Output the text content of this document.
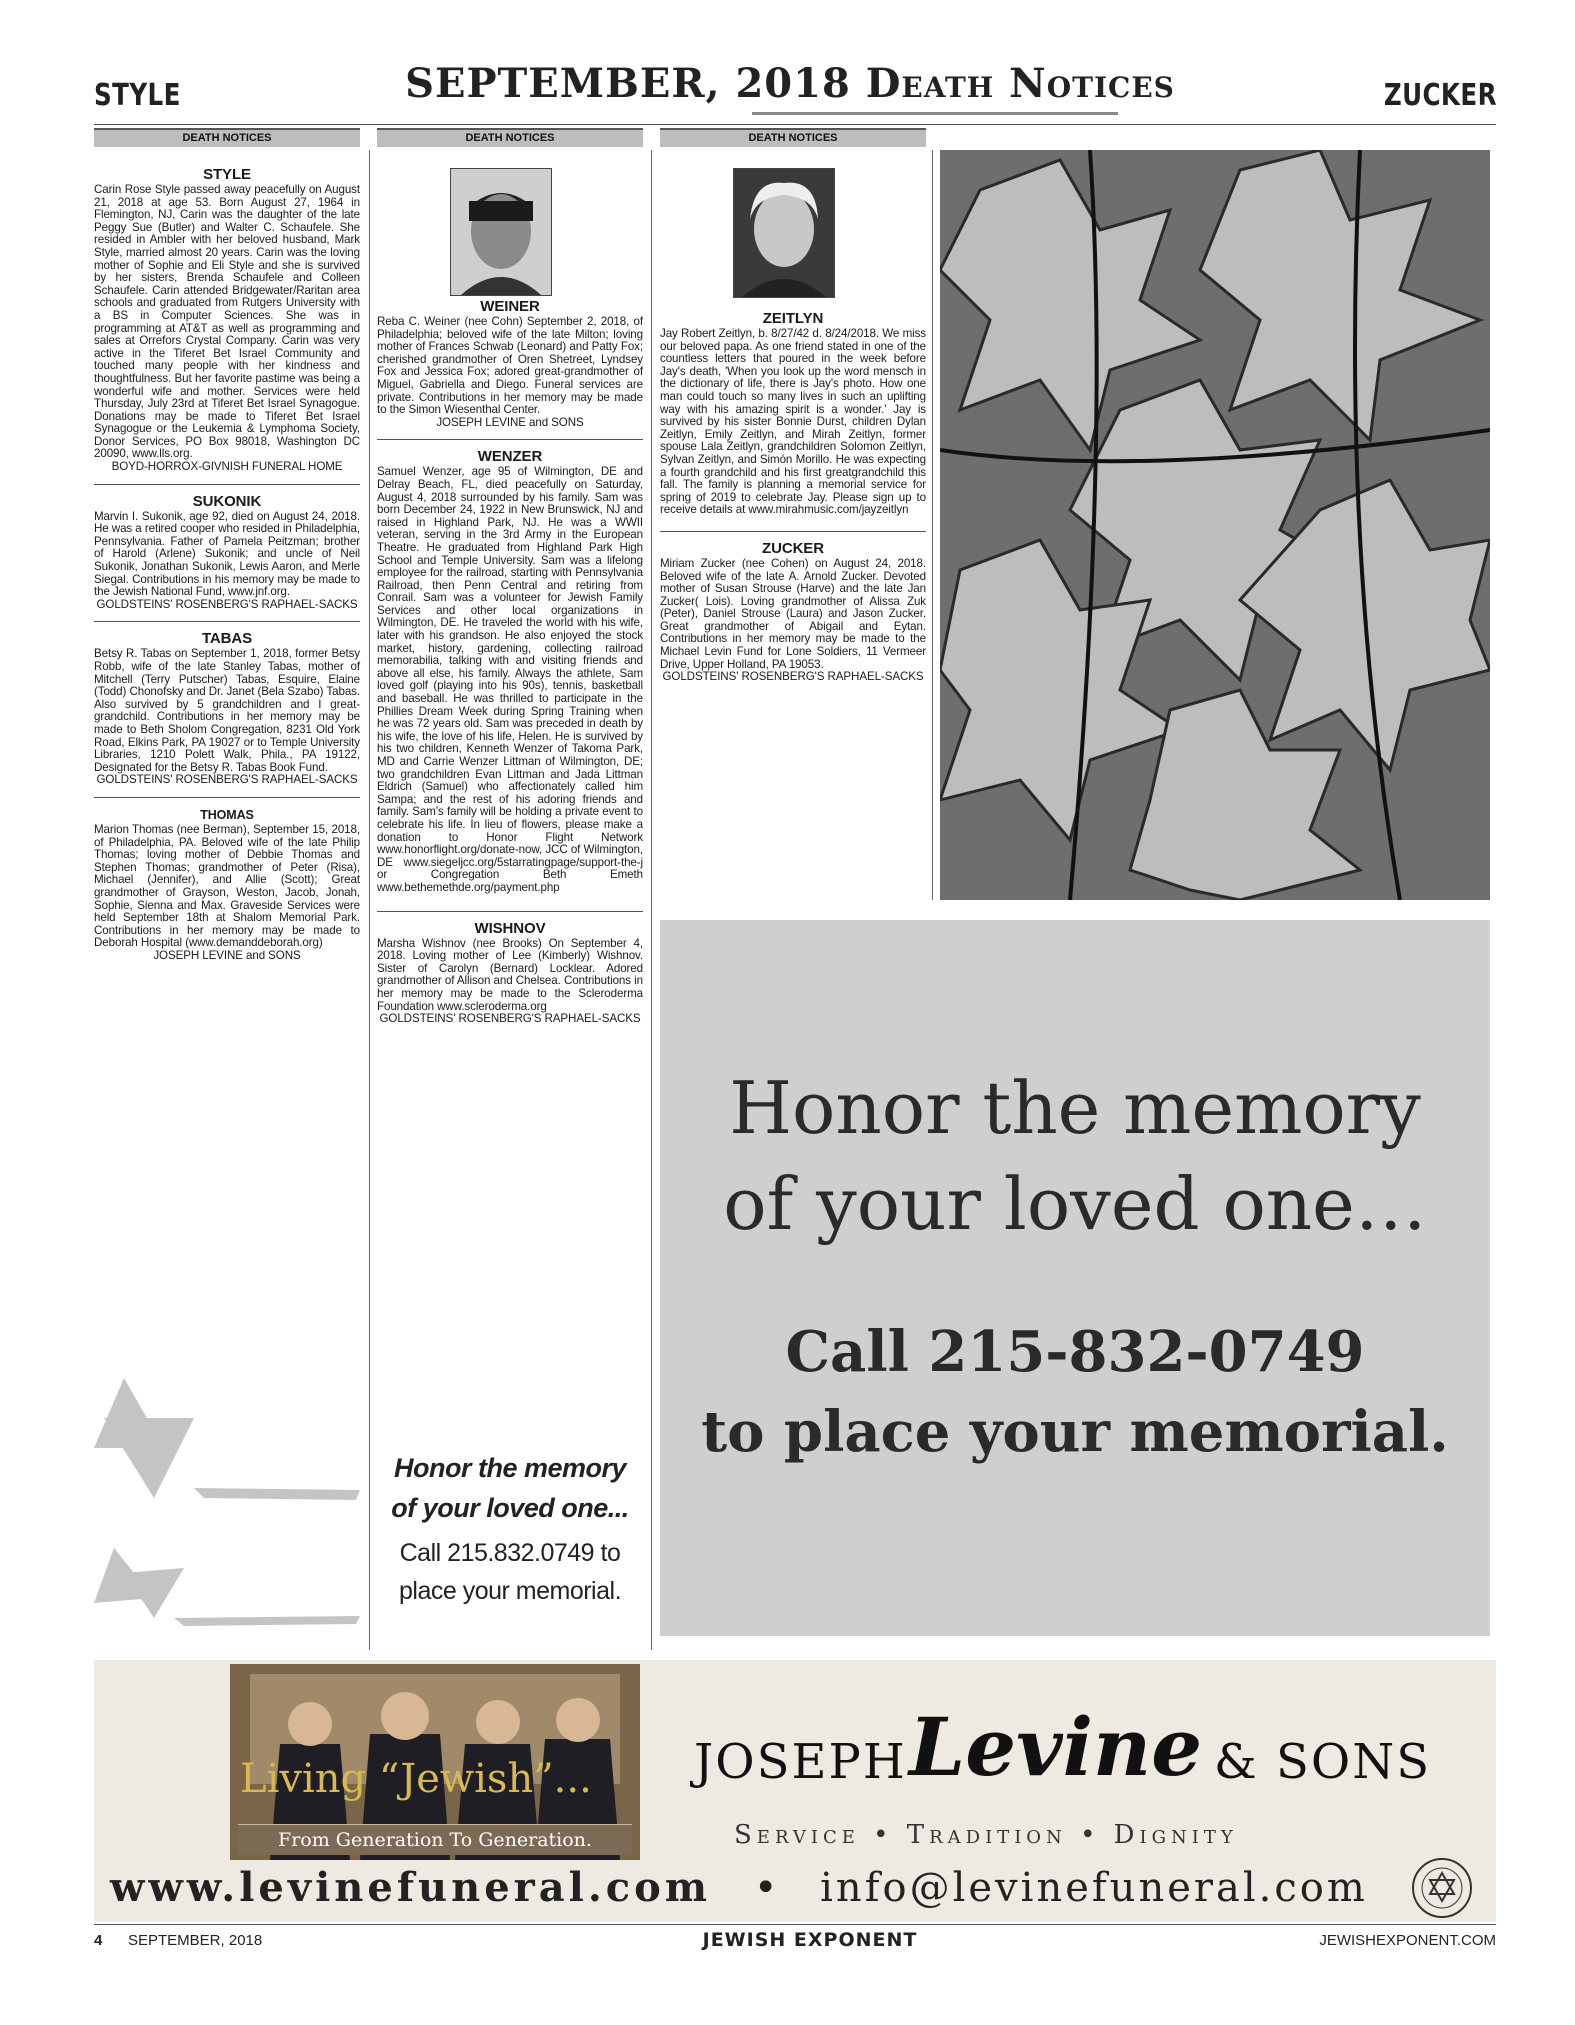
STYLE	SEPTEMBER, 2018 Death Notices	ZUCKER
DEATH NOTICES	DEATH NOTICES	DEATH NOTICES
STYLE
Carin Rose Style passed away peacefully on August 21, 2018 at age 53. Born August 27, 1964 in Flemington, NJ, Carin was the daughter of the late Peggy Sue (Butler) and Walter C. Schaufele. She resided in Ambler with her beloved husband, Mark Style, married almost 20 years. Carin was the loving mother of Sophie and Eli Style and she is survived by her sisters, Brenda Schaufele and Colleen Schaufele. Carin attended Bridgewater/Raritan area schools and graduated from Rutgers University with a BS in Computer Sciences. She was in programming at AT&T as well as programming and sales at Orrefors Crystal Company. Carin was very active in the Tiferet Bet Israel Community and touched many people with her kindness and thoughtfulness. But her favorite pastime was being a wonderful wife and mother. Services were held Thursday, July 23rd at Tiferet Bet Israel Synagogue. Donations may be made to Tiferet Bet Israel Synagogue or the Leukemia & Lymphoma Society, Donor Services, PO Box 98018, Washington DC 20090, www.lls.org.
BOYD-HORROX-GIVNISH FUNERAL HOME
SUKONIK
Marvin I. Sukonik, age 92, died on August 24, 2018. He was a retired cooper who resided in Philadelphia, Pennsylvania. Father of Pamela Peitzman; brother of Harold (Arlene) Sukonik; and uncle of Neil Sukonik, Jonathan Sukonik, Lewis Aaron, and Merle Siegal. Contributions in his memory may be made to the Jewish National Fund, www.jnf.org.
GOLDSTEINS' ROSENBERG'S RAPHAEL-SACKS
TABAS
Betsy R. Tabas on September 1, 2018, former Betsy Robb, wife of the late Stanley Tabas, mother of Mitchell (Terry Putscher) Tabas, Esquire, Elaine (Todd) Chonofsky and Dr. Janet (Bela Szabo) Tabas. Also survived by 5 grandchildren and I great-grandchild. Contributions in her memory may be made to Beth Sholom Congregation, 8231 Old York Road, Elkins Park, PA 19027 or to Temple University Libraries, 1210 Polett Walk, Phila., PA 19122, Designated for the Betsy R. Tabas Book Fund.
GOLDSTEINS' ROSENBERG'S RAPHAEL-SACKS
THOMAS
Marion Thomas (nee Berman), September 15, 2018, of Philadelphia, PA. Beloved wife of the late Philip Thomas; loving mother of Debbie Thomas and Stephen Thomas; grandmother of Peter (Risa), Michael (Jennifer), and Allie (Scott); Great grandmother of Grayson, Weston, Jacob, Jonah, Sophie, Sienna and Max. Graveside Services were held September 18th at Shalom Memorial Park. Contributions in her memory may be made to Deborah Hospital (www.demanddeborah.org)
JOSEPH LEVINE and SONS
WEINER
Reba C. Weiner (nee Cohn) September 2, 2018, of Philadelphia; beloved wife of the late Milton; loving mother of Frances Schwab (Leonard) and Patty Fox; cherished grandmother of Oren Shetreet, Lyndsey Fox and Jessica Fox; adored great-grandmother of Miguel, Gabriella and Diego. Funeral services are private. Contributions in her memory may be made to the Simon Wiesenthal Center.
JOSEPH LEVINE and SONS
WENZER
Samuel Wenzer, age 95 of Wilmington, DE and Delray Beach, FL, died peacefully on Saturday, August 4, 2018 surrounded by his family. Sam was born December 24, 1922 in New Brunswick, NJ and raised in Highland Park, NJ. He was a WWII veteran, serving in the 3rd Army in the European Theatre. He graduated from Highland Park High School and Temple University. Sam was a lifelong employee for the railroad, starting with Pennsylvania Railroad, then Penn Central and retiring from Conrail. Sam was a volunteer for Jewish Family Services and other local organizations in Wilmington, DE. He traveled the world with his wife, later with his grandson. He also enjoyed the stock market, history, gardening, collecting railroad memorabilia, talking with and visiting friends and above all else, his family. Always the athlete, Sam loved golf (playing into his 90s), tennis, basketball and baseball. He was thrilled to participate in the Phillies Dream Week during Spring Training when he was 72 years old. Sam was preceded in death by his wife, the love of his life, Helen. He is survived by his two children, Kenneth Wenzer of Takoma Park, MD and Carrie Wenzer Littman of Wilmington, DE; two grandchildren Evan Littman and Jada Littman Eldrich (Samuel) who affectionately called him Sampa; and the rest of his adoring friends and family. Sam's family will be holding a private event to celebrate his life. In lieu of flowers, please make a donation to Honor Flight Network www.honorflight.org/donate-now, JCC of Wilmington, DE www.siegeljcc.org/5starratingpage/support-the-j or Congregation Beth Emeth www.bethemethde.org/payment.php
WISHNOV
Marsha Wishnov (nee Brooks) On September 4, 2018. Loving mother of Lee (Kimberly) Wishnov. Sister of Carolyn (Bernard) Locklear. Adored grandmother of Allison and Chelsea. Contributions in her memory may be made to the Scleroderma Foundation www.scleroderma.org
GOLDSTEINS' ROSENBERG'S RAPHAEL-SACKS
Honor the memory
of your loved one...
Call 215.832.0749 to
place your memorial.
ZEITLYN
Jay Robert Zeitlyn, b. 8/27/42 d. 8/24/2018. We miss our beloved papa. As one friend stated in one of the countless letters that poured in the week before Jay's death, 'When you look up the word mensch in the dictionary of life, there is Jay's photo. How one man could touch so many lives in such an uplifting way with his amazing spirit is a wonder.' Jay is survived by his sister Bonnie Durst, children Dylan Zeitlyn, Emily Zeitlyn, and Mirah Zeitlyn, former spouse Lala Zeitlyn, grandchildren Solomon Zeitlyn, Sylvan Zeitlyn, and Simón Morillo. He was expecting a fourth grandchild and his first greatgrandchild this fall. The family is planning a memorial service for spring of 2019 to celebrate Jay. Please sign up to receive details at www.mirahmusic.com/jayzeitlyn
ZUCKER
Miriam Zucker (nee Cohen) on August 24, 2018. Beloved wife of the late A. Arnold Zucker. Devoted mother of Susan Strouse (Harve) and the late Jan Zucker( Lois). Loving grandmother of Alissa Zuk (Peter), Daniel Strouse (Laura) and Jason Zucker. Great grandmother of Abigail and Eytan. Contributions in her memory may be made to the Michael Levin Fund for Lone Soldiers, 11 Vermeer Drive, Upper Holland, PA 19053.
GOLDSTEINS' ROSENBERG'S RAPHAEL-SACKS
Honor the memory
of your loved one…
Call 215-832-0749
to place your memorial.
Living “Jewish”...
From Generation To Generation.
JOSEPH Levine & SONS
Service • Tradition • Dignity
www.levinefuneral.com • info@levinefuneral.com
4 SEPTEMBER, 2018	JEWISH EXPONENT	JEWISHEXPONENT.COM
